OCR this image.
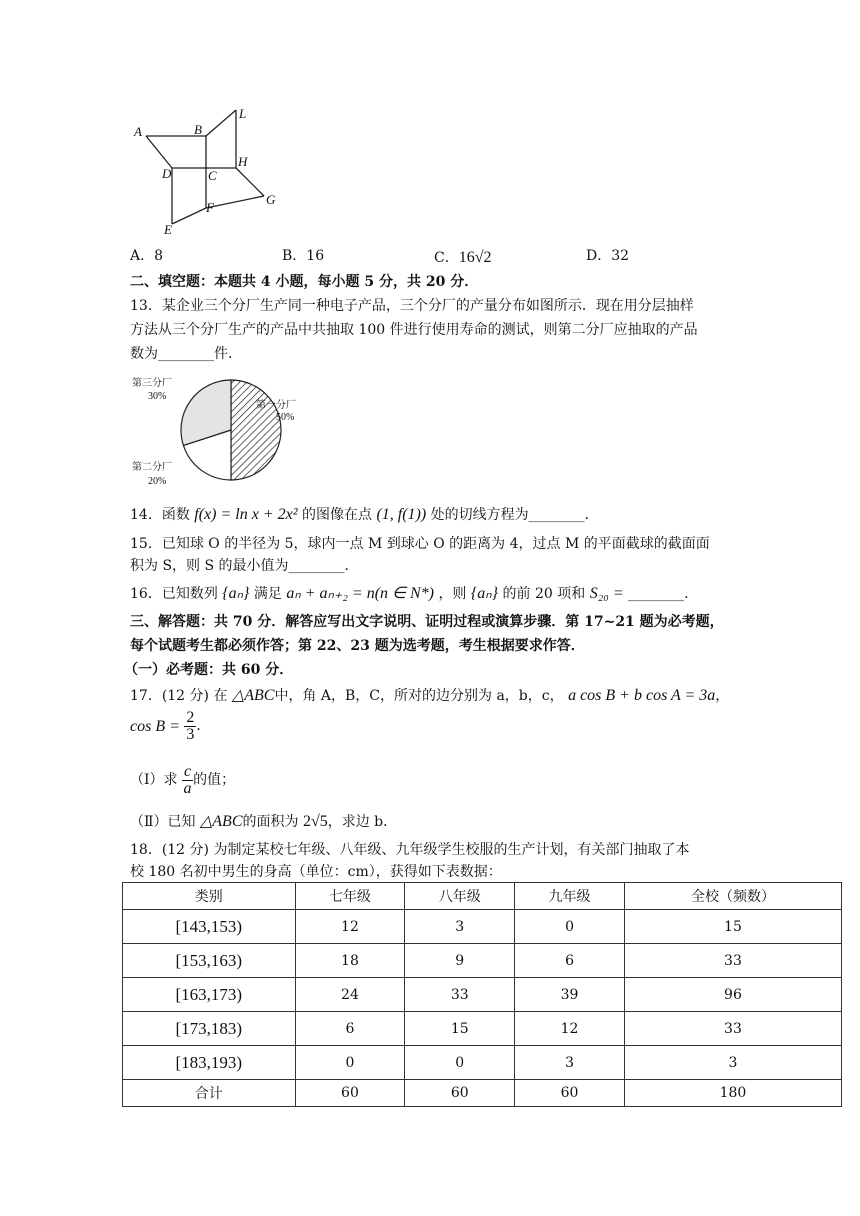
A	B
L
D	C
H
F
G
E
A．8	B．16	C．16√2	D．32
二、填空题：本题共 4 小题，每小题 5 分，共 20 分．
13．某企业三个分厂生产同一种电子产品，三个分厂的产量分布如图所示．现在用分层抽样
方法从三个分厂生产的产品中共抽取 100 件进行使用寿命的测试，则第二分厂应抽取的产品
数为________件．
第三分厂
30%
第一分厂
50%
第二分厂
20%
14．函数 f(x) = ln x + 2x² 的图像在点 (1, f(1)) 处的切线方程为________．
15．已知球 O 的半径为 5，球内一点 M 到球心 O 的距离为 4，过点 M 的平面截球的截面面
积为 S，则 S 的最小值为________．
16．已知数列 {aₙ} 满足 aₙ + aₙ₊₂ = n(n ∈ N*) ，则 {aₙ} 的前 20 项和 S₂₀ = ________．
三、解答题：共 70 分．解答应写出文字说明、证明过程或演算步骤．第 17~21 题为必考题，
每个试题考生都必须作答；第 22、23 题为选考题，考生根据要求作答．
（一）必考题：共 60 分．
17．(12 分) 在 △ABC中，角 A，B，C，所对的边分别为 a，b，c， a cos B + b cos A = 3a，
$\cos B = \frac{2}{3}$ ．
（Ⅰ）求 $\frac{c}{a}$ 的值；
（Ⅱ）已知 △ABC的面积为 2√5，求边 b．
18．(12 分) 为制定某校七年级、八年级、九年级学生校服的生产计划，有关部门抽取了本
校 180 名初中男生的身高（单位：cm），获得如下表数据：
类别	七年级	八年级	九年级	全校（频数）
[143,153)	12	3	0	15
[153,163)	18	9	6	33
[163,173)	24	33	39	96
[173,183)	6	15	12	33
[183,193)	0	0	3	3
合计	60	60	60	180
